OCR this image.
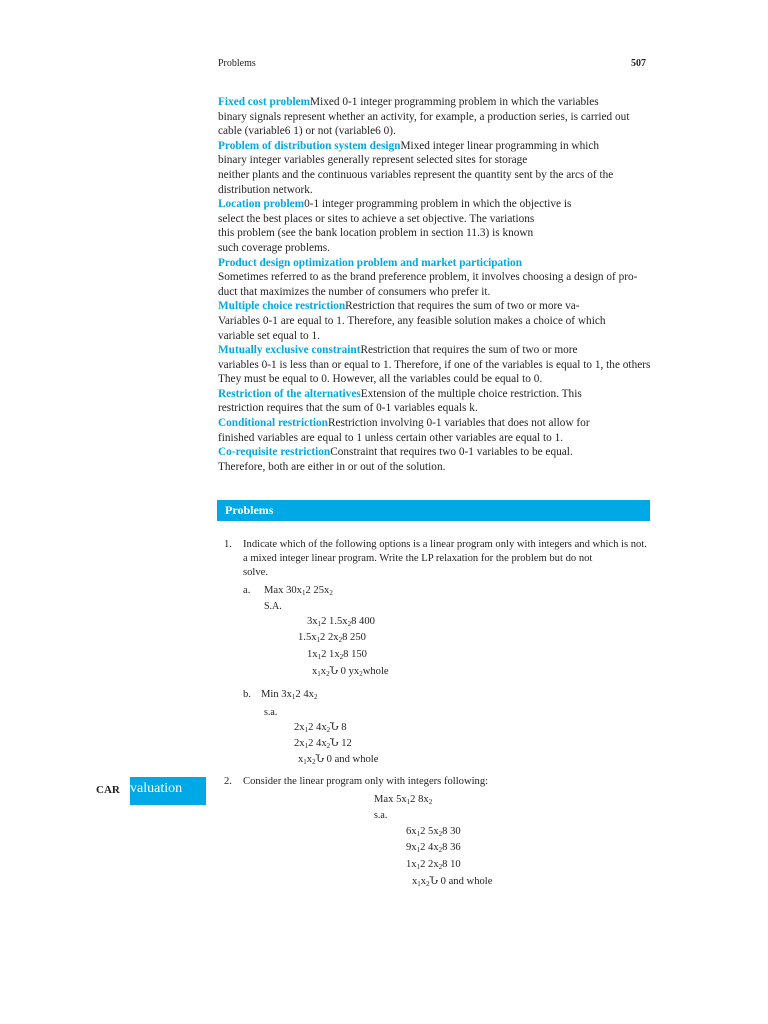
Problems	507
Fixed cost problemMixed 0-1 integer programming problem in which the variables
binary signals represent whether an activity, for example, a production series, is carried out
cable (variable6 1) or not (variable6 0).
Problem of distribution system designMixed integer linear programming in which
binary integer variables generally represent selected sites for storage
neither plants and the continuous variables represent the quantity sent by the arcs of the
distribution network.
Location problem0-1 integer programming problem in which the objective is
select the best places or sites to achieve a set objective. The variations
this problem (see the bank location problem in section 11.3) is known
such coverage problems.
Product design optimization problem and market participation
Sometimes referred to as the brand preference problem, it involves choosing a design of pro-
duct that maximizes the number of consumers who prefer it.
Multiple choice restrictionRestriction that requires the sum of two or more va-
Variables 0-1 are equal to 1. Therefore, any feasible solution makes a choice of which
variable set equal to 1.
Mutually exclusive constraintRestriction that requires the sum of two or more
variables 0-1 is less than or equal to 1. Therefore, if one of the variables is equal to 1, the others
They must be equal to 0. However, all the variables could be equal to 0.
Restriction of the alternativesExtension of the multiple choice restriction. This
restriction requires that the sum of 0-1 variables equals k.
Conditional restrictionRestriction involving 0-1 variables that does not allow for
finished variables are equal to 1 unless certain other variables are equal to 1.
Co-requisite restrictionConstraint that requires two 0-1 variables to be equal.
Therefore, both are either in or out of the solution.
Problems
1. Indicate which of the following options is a linear program only with integers and which is not.
a mixed integer linear program. Write the LP relaxation for the problem but do not
solve.
a. Max $30x_12$ $25x_2$
S.A.
$3x_12$ $1.5x_28$ 400
$1.5x_12$ $2x_28$ 250
$1x_12$ $1x_28$ 150
$x_1x_2Ն$ 0 $yx_2whole$
b. Min $3x_12$ $4x_2$
s.a.
$2x_12$ $4x_2Ն$ 8
$2x_12$ $4x_2Ն$ 12
$x_1x_2Ն$ 0 and whole
CAR valuation	2. Consider the linear program only with integers following:
Max $5x_12$ $8x_2$
s.a.
$6x_12$ $5x_28$ 30
$9x_12$ $4x_28$ 36
$1x_12$ $2x_28$ 10
$x_1x_2Ն$ 0 and whole
